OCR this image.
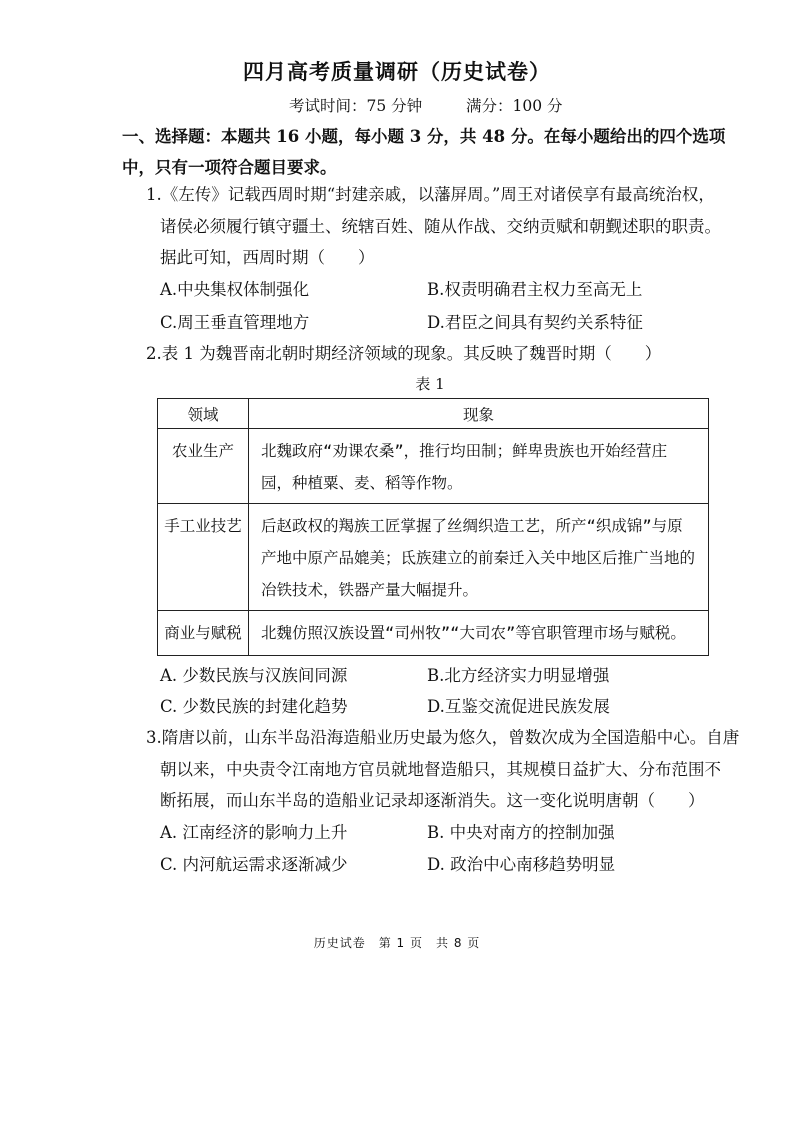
四月高考质量调研（历史试卷）
考试时间：75 分钟	满分：100 分
一、选择题：本题共 16 小题，每小题 3 分，共 48 分。在每小题给出的四个选项中，只有一项符合题目要求。
1.《左传》记载西周时期“封建亲戚，以藩屏周。”周王对诸侯享有最高统治权，
诸侯必须履行镇守疆土、统辖百姓、随从作战、交纳贡赋和朝觐述职的职责。
据此可知，西周时期（　　）
A.中央集权体制强化	B.权责明确君主权力至高无上
C.周王垂直管理地方	D.君臣之间具有契约关系特征
2.表 1 为魏晋南北朝时期经济领域的现象。其反映了魏晋时期（　　）
表 1
领域	现象
农业生产	北魏政府“劝课农桑”，推行均田制；鲜卑贵族也开始经营庄园，种植粟、麦、稻等作物。
手工业技艺	后赵政权的羯族工匠掌握了丝绸织造工艺，所产“织成锦”与原产地中原产品媲美；氐族建立的前秦迁入关中地区后推广当地的冶铁技术，铁器产量大幅提升。
商业与赋税	北魏仿照汉族设置“司州牧”“大司农”等官职管理市场与赋税。
A. 少数民族与汉族间同源	B.北方经济实力明显增强
C. 少数民族的封建化趋势	D.互鉴交流促进民族发展
3.隋唐以前，山东半岛沿海造船业历史最为悠久，曾数次成为全国造船中心。自唐
朝以来，中央责令江南地方官员就地督造船只，其规模日益扩大、分布范围不
断拓展，而山东半岛的造船业记录却逐渐消失。这一变化说明唐朝（　　）
A. 江南经济的影响力上升	B. 中央对南方的控制加强
C. 内河航运需求逐渐减少	D. 政治中心南移趋势明显
历史试卷　第 1 页　共 8 页
